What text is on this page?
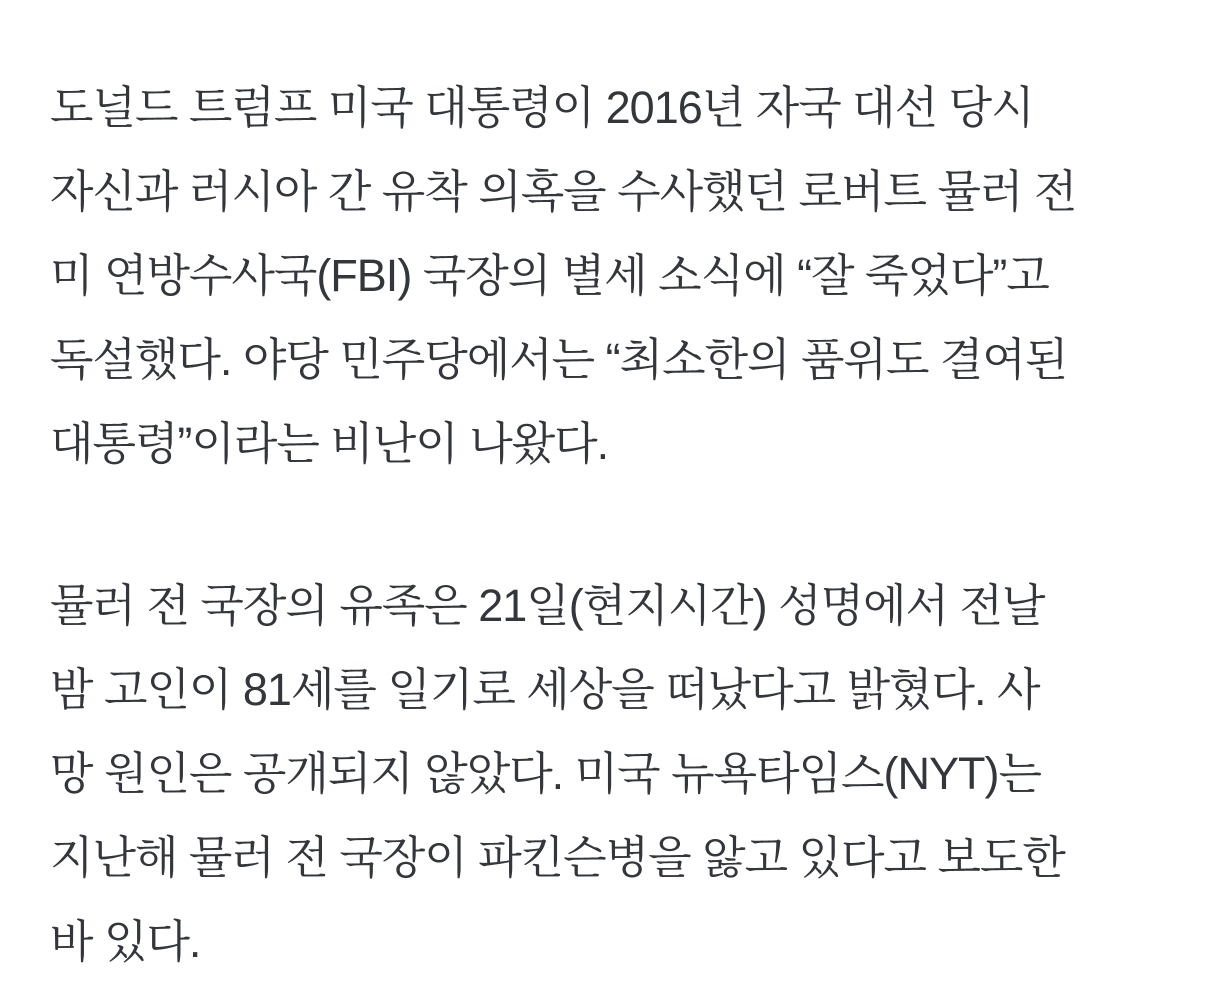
도널드 트럼프 미국 대통령이 2016년 자국 대선 당시
자신과 러시아 간 유착 의혹을 수사했던 로버트 뮬러 전
미 연방수사국(FBI) 국장의 별세 소식에 “잘 죽었다”고
독설했다. 야당 민주당에서는 “최소한의 품위도 결여된
대통령”이라는 비난이 나왔다.

뮬러 전 국장의 유족은 21일(현지시간) 성명에서 전날
밤 고인이 81세를 일기로 세상을 떠났다고 밝혔다. 사
망 원인은 공개되지 않았다. 미국 뉴욕타임스(NYT)는
지난해 뮬러 전 국장이 파킨슨병을 앓고 있다고 보도한
바 있다.
